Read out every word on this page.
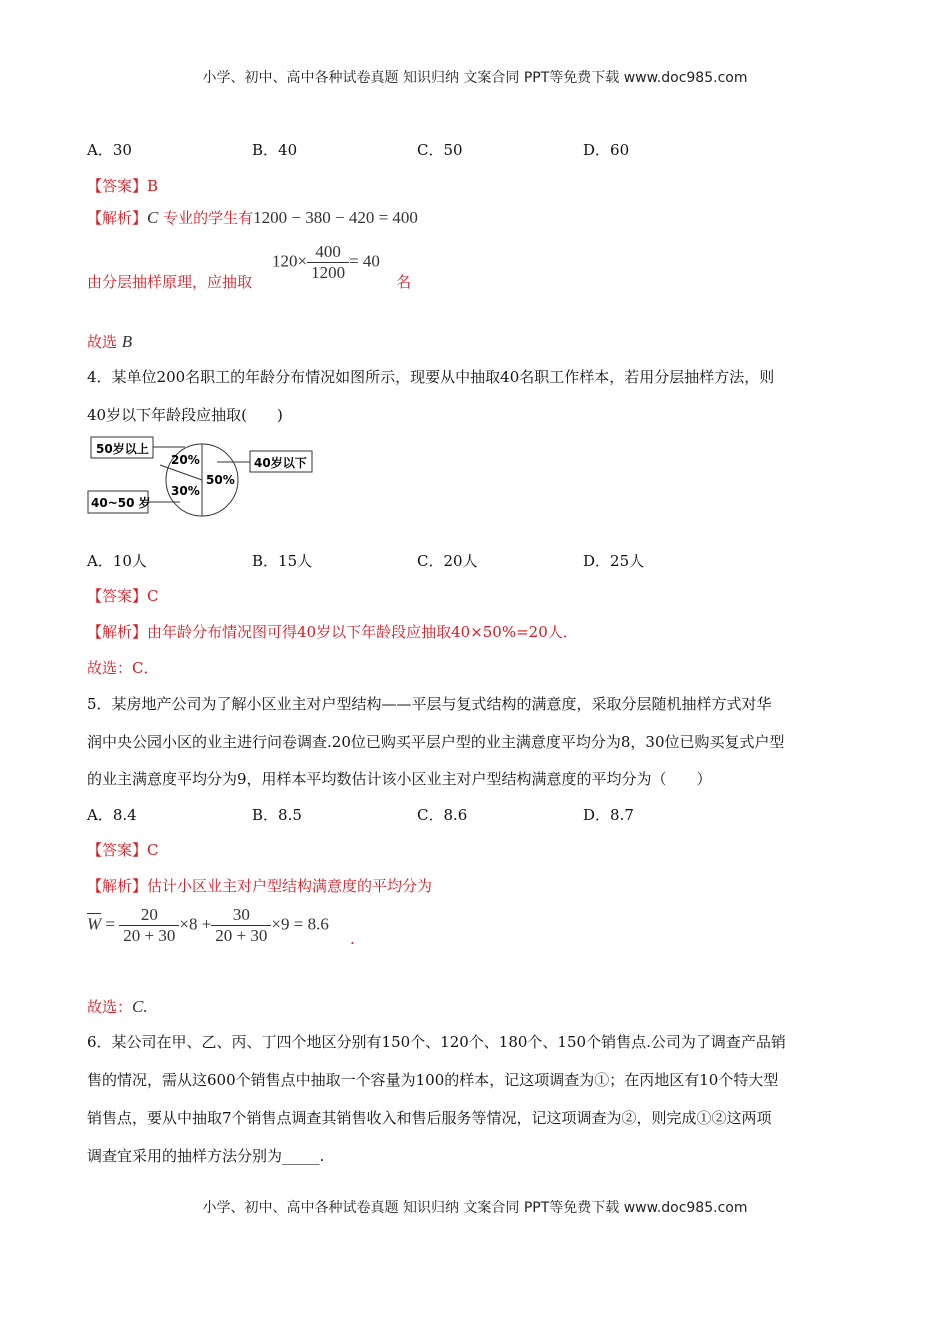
小学、初中、高中各种试卷真题 知识归纳 文案合同 PPT等免费下载 www.doc985.com
A．30	B．40	C．50	D．60
【答案】B
【解析】C 专业的学生有1200 − 380 − 420 = 400
由分层抽样原理，应抽取
$120\times \frac{400}{1200} = 40$
名
故选 B
4．某单位200名职工的年龄分布情况如图所示，现要从中抽取40名职工作样本，若用分层抽样方法，则
40岁以下年龄段应抽取(　　)
50岁以上
40~50 岁
40岁以下
20%
30%
50%
A．10人	B．15人	C．20人	D．25人
【答案】C
【解析】由年龄分布情况图可得40岁以下年龄段应抽取40×50%=20人．
故选：C．
5．某房地产公司为了解小区业主对户型结构——平层与复式结构的满意度，采取分层随机抽样方式对华
润中央公园小区的业主进行问卷调查.20位已购买平层户型的业主满意度平均分为8，30位已购买复式户型
的业主满意度平均分为9，用样本平均数估计该小区业主对户型结构满意度的平均分为（　　）
A．8.4	B．8.5	C．8.6	D．8.7
【答案】C
【解析】估计小区业主对户型结构满意度的平均分为
$\overline{W} = \frac{20}{20 + 30} \times 8 + \frac{30}{20 + 30} \times 9 = 8.6$
.
故选：C.
6．某公司在甲、乙、丙、丁四个地区分别有150个、120个、180个、150个销售点.公司为了调查产品销
售的情况，需从这600个销售点中抽取一个容量为100的样本，记这项调查为①；在丙地区有10个特大型
销售点，要从中抽取7个销售点调查其销售收入和售后服务等情况，记这项调查为②，则完成①②这两项
调查宜采用的抽样方法分别为_____.
小学、初中、高中各种试卷真题 知识归纳 文案合同 PPT等免费下载 www.doc985.com
